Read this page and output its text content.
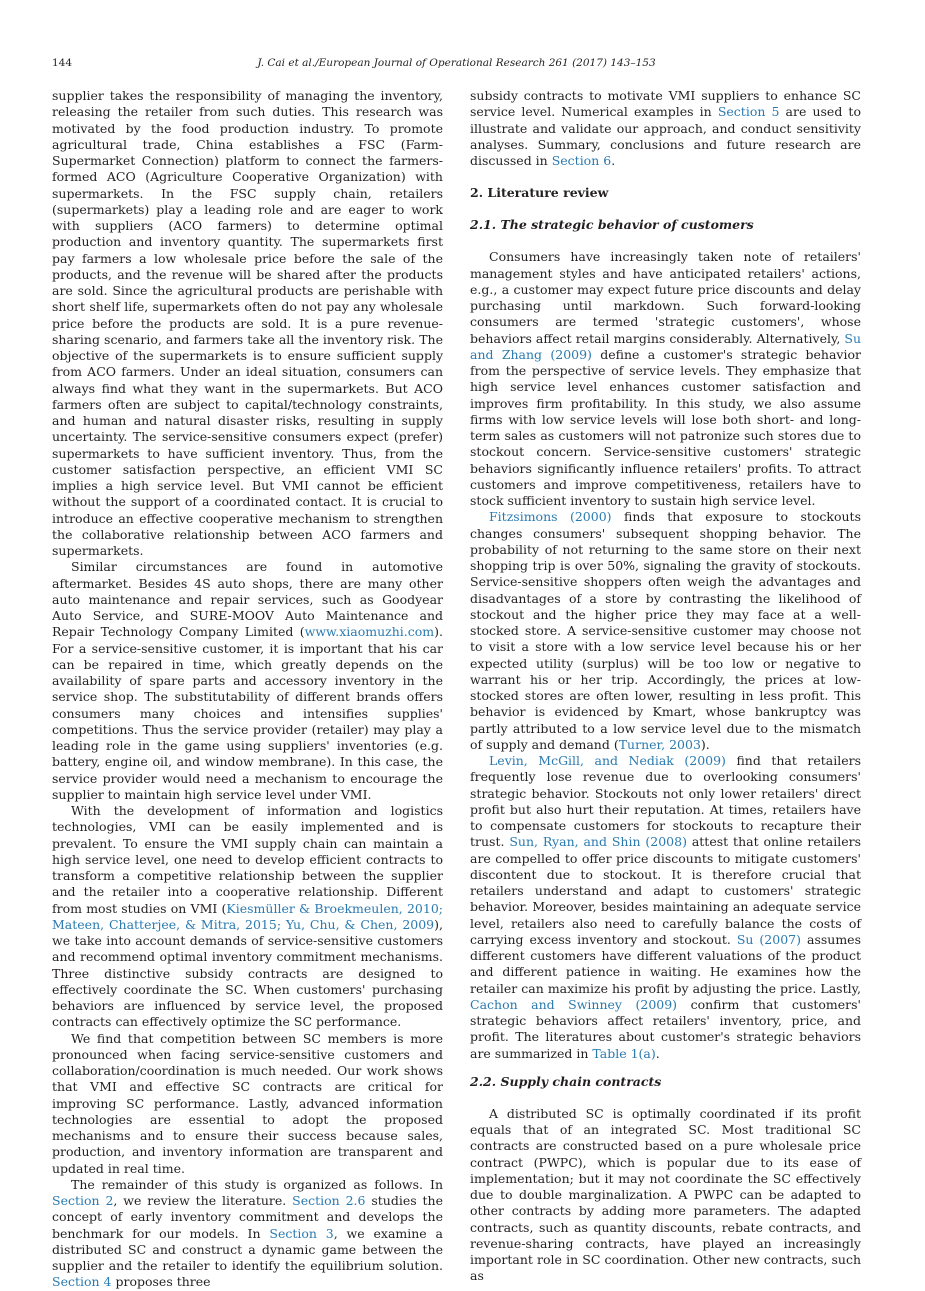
144	J. Cai et al./European Journal of Operational Research 261 (2017) 143–153

supplier takes the responsibility of managing the inventory, releasing the retailer from such duties. This research was motivated by the food production industry. To promote agricultural trade, China establishes a FSC (Farm-Supermarket Connection) platform to connect the farmers-formed ACO (Agriculture Cooperative Organization) with supermarkets. In the FSC supply chain, retailers (supermarkets) play a leading role and are eager to work with suppliers (ACO farmers) to determine optimal production and inventory quantity. The supermarkets first pay farmers a low wholesale price before the sale of the products, and the revenue will be shared after the products are sold. Since the agricultural products are perishable with short shelf life, supermarkets often do not pay any wholesale price before the products are sold. It is a pure revenue-sharing scenario, and farmers take all the inventory risk. The objective of the supermarkets is to ensure sufficient supply from ACO farmers. Under an ideal situation, consumers can always find what they want in the supermarkets. But ACO farmers often are subject to capital/technology constraints, and human and natural disaster risks, resulting in supply uncertainty. The service-sensitive consumers expect (prefer) supermarkets to have sufficient inventory. Thus, from the customer satisfaction perspective, an efficient VMI SC implies a high service level. But VMI cannot be efficient without the support of a coordinated contact. It is crucial to introduce an effective cooperative mechanism to strengthen the collaborative relationship between ACO farmers and supermarkets.

Similar circumstances are found in automotive aftermarket. Besides 4S auto shops, there are many other auto maintenance and repair services, such as Goodyear Auto Service, and SURE-MOOV Auto Maintenance and Repair Technology Company Limited (www.xiaomuzhi.com). For a service-sensitive customer, it is important that his car can be repaired in time, which greatly depends on the availability of spare parts and accessory inventory in the service shop. The substitutability of different brands offers consumers many choices and intensifies supplies' competitions. Thus the service provider (retailer) may play a leading role in the game using suppliers' inventories (e.g. battery, engine oil, and window membrane). In this case, the service provider would need a mechanism to encourage the supplier to maintain high service level under VMI.

With the development of information and logistics technologies, VMI can be easily implemented and is prevalent. To ensure the VMI supply chain can maintain a high service level, one need to develop efficient contracts to transform a competitive relationship between the supplier and the retailer into a cooperative relationship. Different from most studies on VMI (Kiesmüller & Broekmeulen, 2010; Mateen, Chatterjee, & Mitra, 2015; Yu, Chu, & Chen, 2009), we take into account demands of service-sensitive customers and recommend optimal inventory commitment mechanisms. Three distinctive subsidy contracts are designed to effectively coordinate the SC. When customers' purchasing behaviors are influenced by service level, the proposed contracts can effectively optimize the SC performance.

We find that competition between SC members is more pronounced when facing service-sensitive customers and collaboration/coordination is much needed. Our work shows that VMI and effective SC contracts are critical for improving SC performance. Lastly, advanced information technologies are essential to adopt the proposed mechanisms and to ensure their success because sales, production, and inventory information are transparent and updated in real time.

The remainder of this study is organized as follows. In Section 2, we review the literature. Section 2.6 studies the concept of early inventory commitment and develops the benchmark for our models. In Section 3, we examine a distributed SC and construct a dynamic game between the supplier and the retailer to identify the equilibrium solution. Section 4 proposes three

subsidy contracts to motivate VMI suppliers to enhance SC service level. Numerical examples in Section 5 are used to illustrate and validate our approach, and conduct sensitivity analyses. Summary, conclusions and future research are discussed in Section 6.

2. Literature review
2.1. The strategic behavior of customers

Consumers have increasingly taken note of retailers' management styles and have anticipated retailers' actions, e.g., a customer may expect future price discounts and delay purchasing until markdown. Such forward-looking consumers are termed 'strategic customers', whose behaviors affect retail margins considerably. Alternatively, Su and Zhang (2009) define a customer's strategic behavior from the perspective of service levels. They emphasize that high service level enhances customer satisfaction and improves firm profitability. In this study, we also assume firms with low service levels will lose both short- and long-term sales as customers will not patronize such stores due to stockout concern. Service-sensitive customers' strategic behaviors significantly influence retailers' profits. To attract customers and improve competitiveness, retailers have to stock sufficient inventory to sustain high service level.

Fitzsimons (2000) finds that exposure to stockouts changes consumers' subsequent shopping behavior. The probability of not returning to the same store on their next shopping trip is over 50%, signaling the gravity of stockouts. Service-sensitive shoppers often weigh the advantages and disadvantages of a store by contrasting the likelihood of stockout and the higher price they may face at a well-stocked store. A service-sensitive customer may choose not to visit a store with a low service level because his or her expected utility (surplus) will be too low or negative to warrant his or her trip. Accordingly, the prices at low-stocked stores are often lower, resulting in less profit. This behavior is evidenced by Kmart, whose bankruptcy was partly attributed to a low service level due to the mismatch of supply and demand (Turner, 2003).

Levin, McGill, and Nediak (2009) find that retailers frequently lose revenue due to overlooking consumers' strategic behavior. Stockouts not only lower retailers' direct profit but also hurt their reputation. At times, retailers have to compensate customers for stockouts to recapture their trust. Sun, Ryan, and Shin (2008) attest that online retailers are compelled to offer price discounts to mitigate customers' discontent due to stockout. It is therefore crucial that retailers understand and adapt to customers' strategic behavior. Moreover, besides maintaining an adequate service level, retailers also need to carefully balance the costs of carrying excess inventory and stockout. Su (2007) assumes different customers have different valuations of the product and different patience in waiting. He examines how the retailer can maximize his profit by adjusting the price. Lastly, Cachon and Swinney (2009) confirm that customers' strategic behaviors affect retailers' inventory, price, and profit. The literatures about customer's strategic behaviors are summarized in Table 1(a).

2.2. Supply chain contracts

A distributed SC is optimally coordinated if its profit equals that of an integrated SC. Most traditional SC contracts are constructed based on a pure wholesale price contract (PWPC), which is popular due to its ease of implementation; but it may not coordinate the SC effectively due to double marginalization. A PWPC can be adapted to other contracts by adding more parameters. The adapted contracts, such as quantity discounts, rebate contracts, and revenue-sharing contracts, have played an increasingly important role in SC coordination. Other new contracts, such as
